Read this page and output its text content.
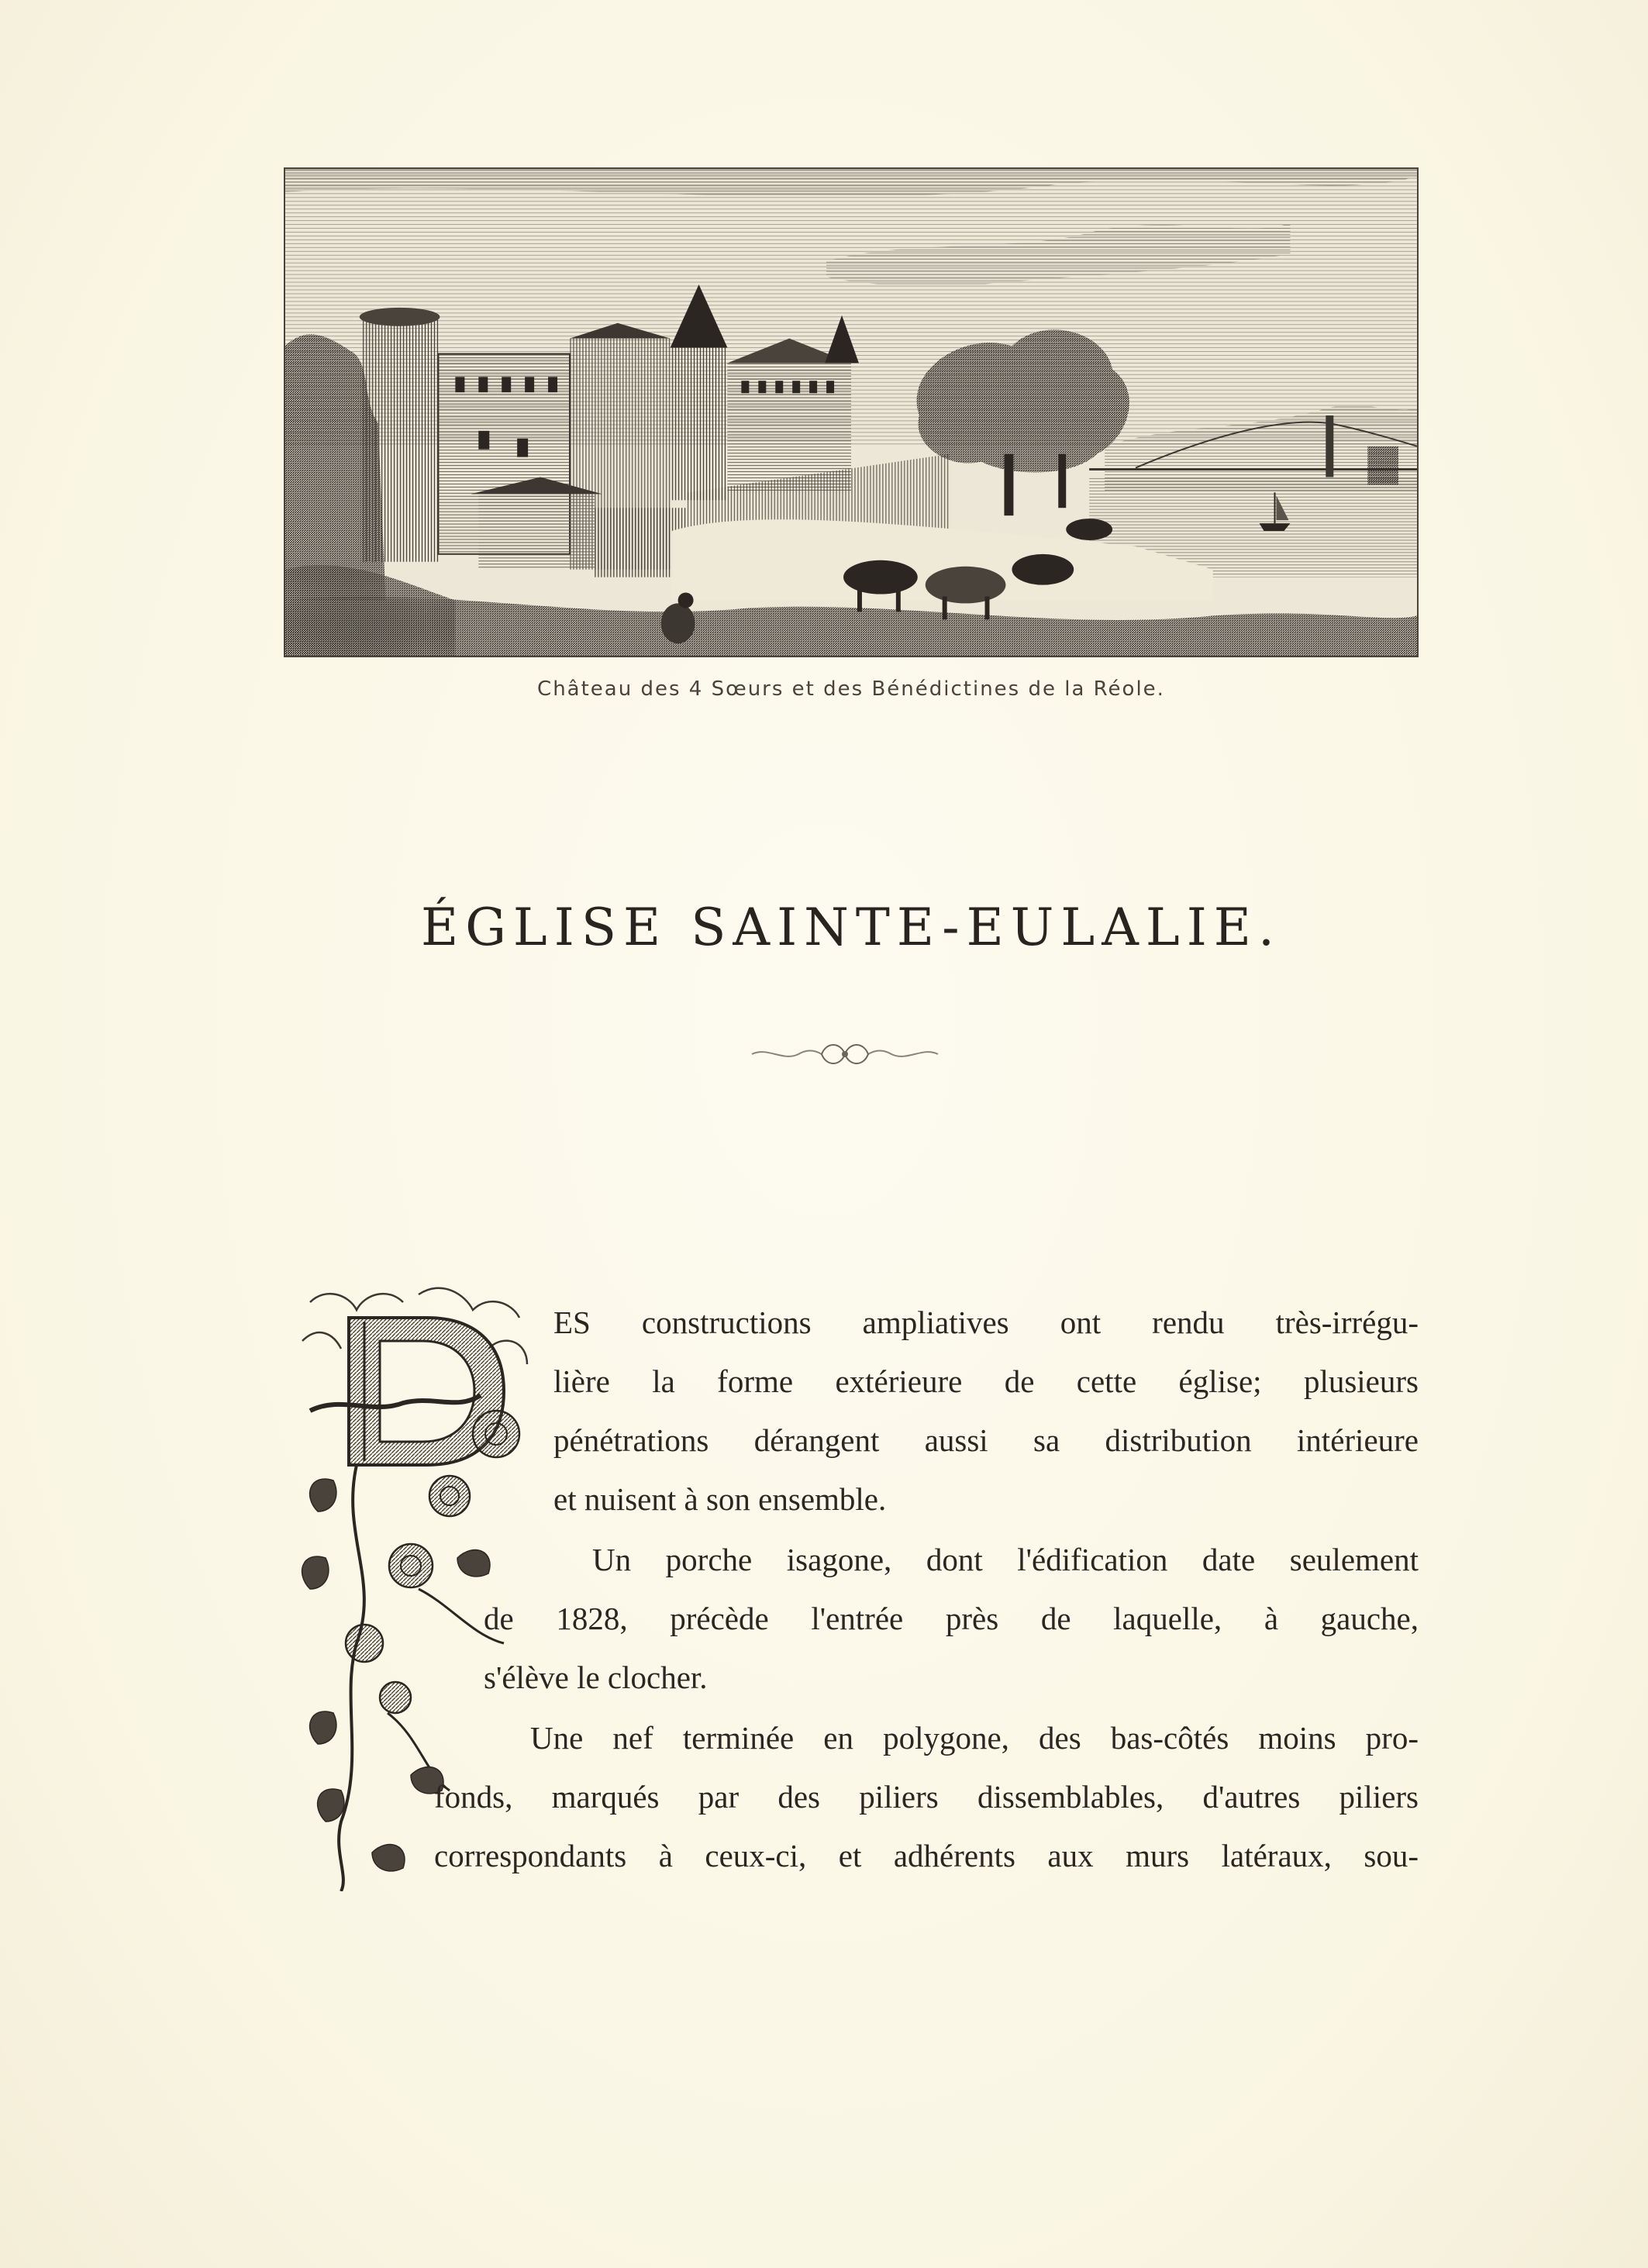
Château des 4 Sœurs et des Bénédictines de la Réole.
ÉGLISE SAINTE-EULALIE.
ES constructions ampliatives ont rendu très-irrégu-
lière la forme extérieure de cette église; plusieurs
pénétrations dérangent aussi sa distribution intérieure
et nuisent à son ensemble.
Un porche isagone, dont l'édification date seulement
de 1828, précède l'entrée près de laquelle, à gauche,
s'élève le clocher.
Une nef terminée en polygone, des bas-côtés moins pro-
fonds, marqués par des piliers dissemblables, d'autres piliers
correspondants à ceux-ci, et adhérents aux murs latéraux, sou-
